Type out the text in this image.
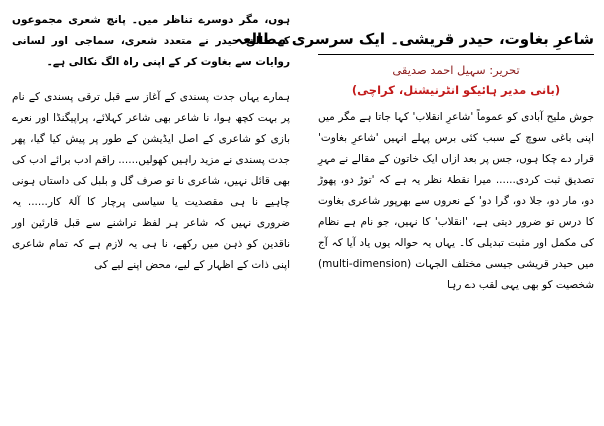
شاعرِ بغاوت، حیدر قریشی۔ ایک سرسری مطالعہ
تحریر: سہیل احمد صدیقی
(بانی مدیر ہائیکو انٹرنیشنل، کراچی)

جوش ملیح آبادی کو عموماً 'شاعرِ انقلاب' کہا جاتا ہے مگر میں اپنی باغی سوچ کے سبب کئی برس پہلے انہیں 'شاعرِ بغاوت' قرار دے چکا ہوں، جس پر بعد ازاں ایک خاتون کے مقالے نے مہرِ تصدیق ثبت کردی...... میرا نقطۂ نظر یہ ہے کہ 'توڑ دو، پھوڑ دو، مار دو، جلا دو، گرا دو' کے نعروں سے بھرپور شاعری بغاوت کا درس تو ضرور دیتی ہے، 'انقلاب' کا نہیں، جو نام ہے نظام کی مکمل اور مثبت تبدیلی کا۔ یہاں یہ حوالہ یوں یاد آیا کہ آج میں حیدر قریشی جیسی مختلف الجہات (multi-dimension) شخصیت کو بھی یہی لقب دے رہا

ہوں، مگر دوسرے تناظر میں۔ پانچ شعری مجموعوں کے خالق حیدر نے متعدد شعری، سماجی اور لسانی روایات سے بغاوت کر کے اپنی راہ الگ نکالی ہے۔

ہمارے یہاں جدت پسندی کے آغاز سے قبل ترقی پسندی کے نام پر بہت کچھ ہوا، نا شاعر بھی شاعر کہلائے، پراپیگنڈا اور نعرے بازی کو شاعری کے اصل ایڈیشن کے طور پر پیش کیا گیا، پھر جدت پسندی نے مزید راہیں کھولیں...... راقم ادب برائے ادب کی بھی قائل نہیں، شاعری نا تو صرف گل و بلبل کی داستاں ہونی چاہیے نا ہی مقصدیت یا سیاسی پرچار کا آلۂ کار...... یہ ضروری نہیں کہ شاعر ہر لفظ تراشنے سے قبل قارئین اور ناقدین کو ذہن میں رکھے، نا ہی یہ لازم ہے کہ تمام شاعری اپنی ذات کے اظہار کے لیے، محض اپنے لیے کی
